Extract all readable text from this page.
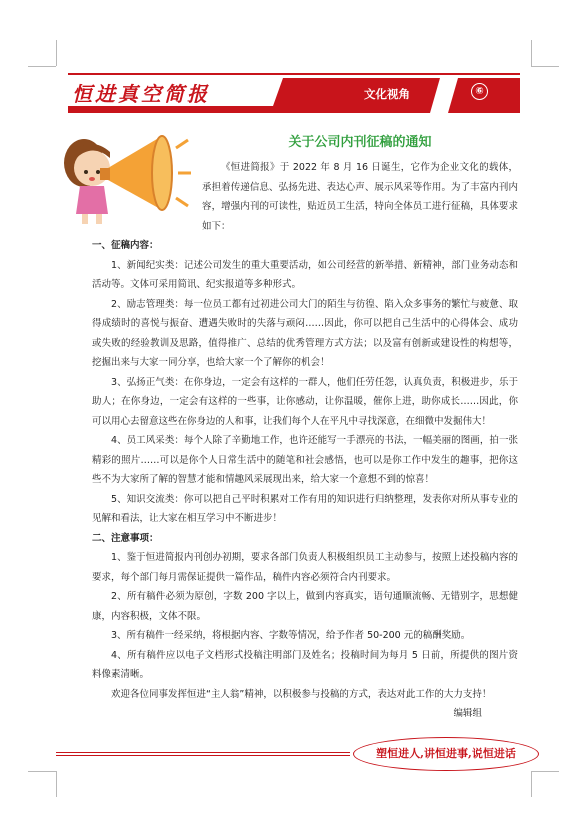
恒进真空简报	文化视角	⑥
关于公司内刊征稿的通知

《恒进简报》于 2022 年 8 月 16 日诞生，它作为企业文化的载体，承担着传递信息、弘扬先进、表达心声、展示风采等作用。为了丰富内刊内容，增强内刊的可读性，贴近员工生活，特向全体员工进行征稿，具体要求如下：

一、征稿内容：

1、新闻纪实类：记述公司发生的重大重要活动，如公司经营的新举措、新精神，部门业务动态和活动等。文体可采用简讯、纪实报道等多种形式。

2、励志管理类：每一位员工都有过初进公司大门的陌生与彷徨、陷入众多事务的繁忙与疲惫、取得成绩时的喜悦与振奋、遭遇失败时的失落与顽闷……因此，你可以把自己生活中的心得体会、成功或失败的经验教训及思路，值得推广、总结的优秀管理方式方法；以及富有创新或建设性的构想等，挖掘出来与大家一同分享，也给大家一个了解你的机会！

3、弘扬正气类：在你身边，一定会有这样的一群人，他们任劳任怨，认真负责，积极进步，乐于助人；在你身边，一定会有这样的一些事，让你感动，让你温暖，催你上进，助你成长……因此，你可以用心去留意这些在你身边的人和事，让我们每个人在平凡中寻找深意，在细微中发掘伟大！

4、员工风采类：每个人除了辛勤地工作，也许还能写一手漂亮的书法，一幅美丽的图画，拍一张精彩的照片……可以是你个人日常生活中的随笔和社会感悟，也可以是你工作中发生的趣事，把你这些不为大家所了解的智慧才能和情趣风采展现出来，给大家一个意想不到的惊喜！

5、知识交流类：你可以把自己平时积累对工作有用的知识进行归纳整理，发表你对所从事专业的见解和看法，让大家在相互学习中不断进步！

二、注意事项：

1、鉴于恒进简报内刊创办初期，要求各部门负责人积极组织员工主动参与，按照上述投稿内容的要求，每个部门每月需保证提供一篇作品，稿件内容必须符合内刊要求。

2、所有稿件必须为原创，字数 200 字以上，做到内容真实，语句通顺流畅、无错别字，思想健康，内容积极，文体不限。

3、所有稿件一经采纳，将根据内容、字数等情况，给予作者 50-200 元的稿酬奖励。

4、所有稿件应以电子文档形式投稿注明部门及姓名；投稿时间为每月 5 日前，所提供的图片资料像素清晰。

欢迎各位同事发挥恒进“主人翁”精神，以积极参与投稿的方式，表达对此工作的大力支持！

编辑组

塑恒进人,讲恒进事,说恒进话
